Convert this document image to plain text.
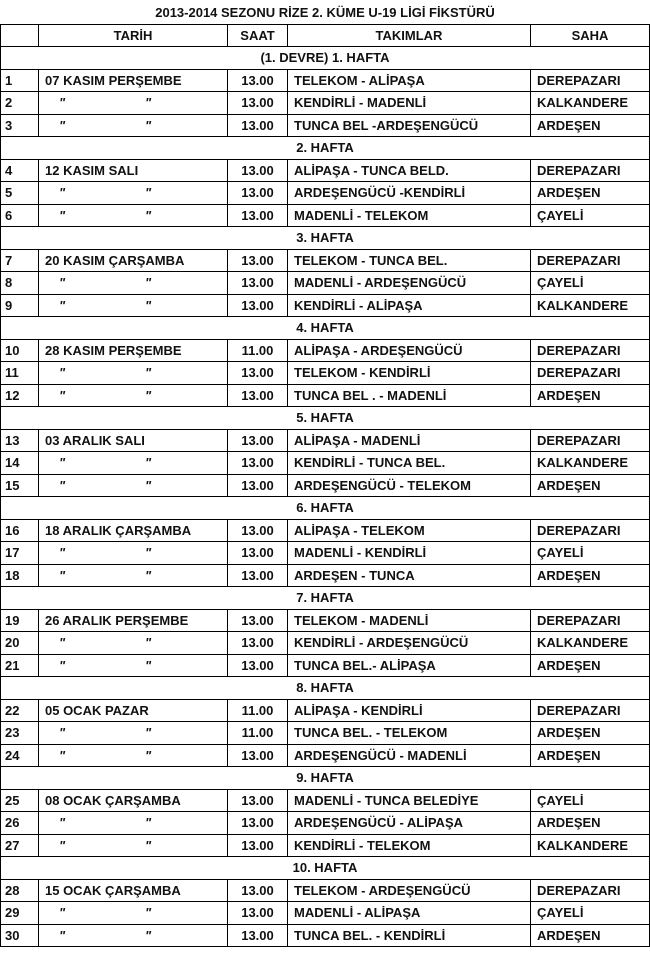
2013-2014 SEZONU RİZE 2. KÜME U-19 LİGİ FİKSTÜRÜ				
	TARİH	SAAT	TAKIMLAR	SAHA
(1. DEVRE) 1. HAFTA				
1	07 KASIM PERŞEMBE	13.00	TELEKOM - ALİPAŞA	DEREPAZARI
2	" "	13.00	KENDİRLİ - MADENLİ	KALKANDERE
3	" "	13.00	TUNCA BEL -ARDEŞENGÜCÜ	ARDEŞEN
2. HAFTA				
4	12 KASIM SALI	13.00	ALİPAŞA - TUNCA BELD.	DEREPAZARI
5	" "	13.00	ARDEŞENGÜCÜ -KENDİRLİ	ARDEŞEN
6	" "	13.00	MADENLİ - TELEKOM	ÇAYELİ
3. HAFTA				
7	20 KASIM ÇARŞAMBA	13.00	TELEKOM - TUNCA BEL.	DEREPAZARI
8	" "	13.00	MADENLİ - ARDEŞENGÜCÜ	ÇAYELİ
9	" "	13.00	KENDİRLİ - ALİPAŞA	KALKANDERE
4. HAFTA				
10	28 KASIM PERŞEMBE	11.00	ALİPAŞA - ARDEŞENGÜCÜ	DEREPAZARI
11	" "	13.00	TELEKOM - KENDİRLİ	DEREPAZARI
12	" "	13.00	TUNCA BEL . - MADENLİ	ARDEŞEN
5. HAFTA				
13	03 ARALIK SALI	13.00	ALİPAŞA - MADENLİ	DEREPAZARI
14	" "	13.00	KENDİRLİ - TUNCA BEL.	KALKANDERE
15	" "	13.00	ARDEŞENGÜCÜ - TELEKOM	ARDEŞEN
6. HAFTA				
16	18 ARALIK ÇARŞAMBA	13.00	ALİPAŞA - TELEKOM	DEREPAZARI
17	" "	13.00	MADENLİ - KENDİRLİ	ÇAYELİ
18	" "	13.00	ARDEŞEN - TUNCA	ARDEŞEN
7. HAFTA				
19	26 ARALIK PERŞEMBE	13.00	TELEKOM - MADENLİ	DEREPAZARI
20	" "	13.00	KENDİRLİ - ARDEŞENGÜCÜ	KALKANDERE
21	" "	13.00	TUNCA BEL.- ALİPAŞA	ARDEŞEN
8. HAFTA				
22	05 OCAK PAZAR	11.00	ALİPAŞA - KENDİRLİ	DEREPAZARI
23	" "	11.00	TUNCA BEL. - TELEKOM	ARDEŞEN
24	" "	13.00	ARDEŞENGÜCÜ - MADENLİ	ARDEŞEN
9. HAFTA				
25	08 OCAK ÇARŞAMBA	13.00	MADENLİ - TUNCA BELEDİYE	ÇAYELİ
26	" "	13.00	ARDEŞENGÜCÜ - ALİPAŞA	ARDEŞEN
27	" "	13.00	KENDİRLİ - TELEKOM	KALKANDERE
10. HAFTA				
28	15 OCAK ÇARŞAMBA	13.00	TELEKOM - ARDEŞENGÜCÜ	DEREPAZARI
29	" "	13.00	MADENLİ - ALİPAŞA	ÇAYELİ
30	" "	13.00	TUNCA BEL. - KENDİRLİ	ARDEŞEN
